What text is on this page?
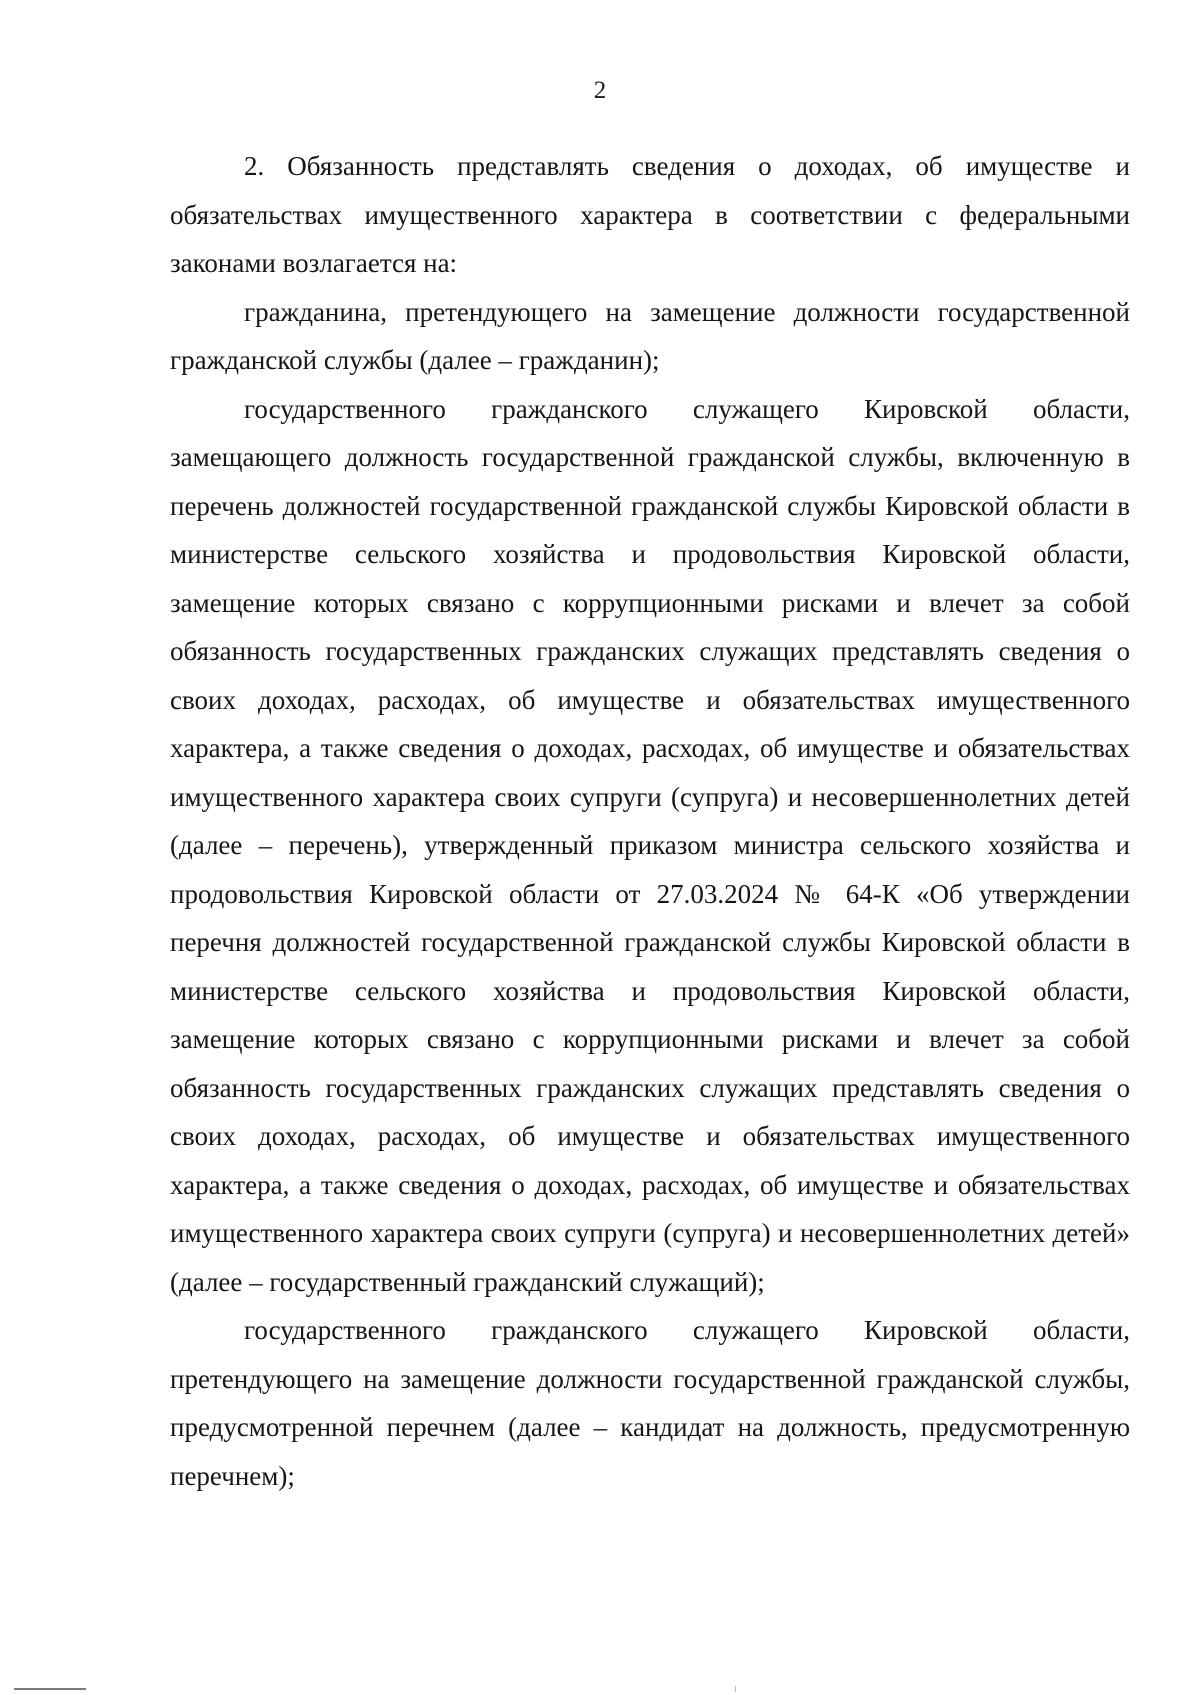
2

2. Обязанность представлять сведения о доходах, об имуществе и обязательствах имущественного характера в соответствии с федеральными законами возлагается на:

гражданина, претендующего на замещение должности государственной гражданской службы (далее – гражданин);

государственного гражданского служащего Кировской области, замещающего должность государственной гражданской службы, включенную в перечень должностей государственной гражданской службы Кировской области в министерстве сельского хозяйства и продовольствия Кировской области, замещение которых связано с коррупционными рисками и влечет за собой обязанность государственных гражданских служащих представлять сведения о своих доходах, расходах, об имуществе и обязательствах имущественного характера, а также сведения о доходах, расходах, об имуществе и обязательствах имущественного характера своих супруги (супруга) и несовершеннолетних детей (далее – перечень), утвержденный приказом министра сельского хозяйства и продовольствия Кировской области от 27.03.2024 № 64-К «Об утверждении перечня должностей государственной гражданской службы Кировской области в министерстве сельского хозяйства и продовольствия Кировской области, замещение которых связано с коррупционными рисками и влечет за собой обязанность государственных гражданских служащих представлять сведения о своих доходах, расходах, об имуществе и обязательствах имущественного характера, а также сведения о доходах, расходах, об имуществе и обязательствах имущественного характера своих супруги (супруга) и несовершеннолетних детей» (далее – государственный гражданский служащий);

государственного гражданского служащего Кировской области, претендующего на замещение должности государственной гражданской службы, предусмотренной перечнем (далее – кандидат на должность, предусмотренную перечнем);
